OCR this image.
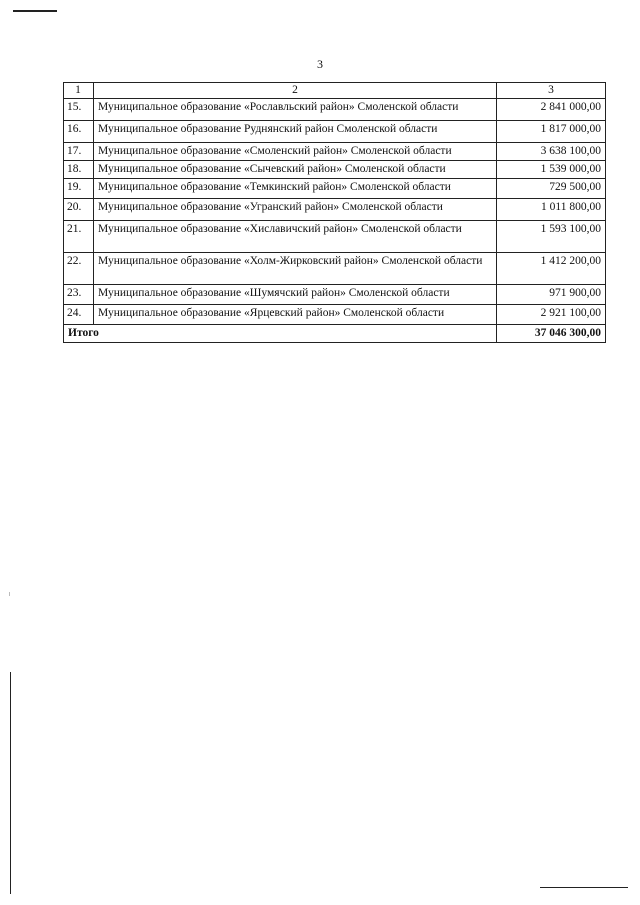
3
1	2	3
15.	Муниципальное образование «Рославльский район» Смоленской области	2 841 000,00
16.	Муниципальное образование Руднянский район Смоленской области	1 817 000,00
17.	Муниципальное образование «Смоленский район» Смоленской области	3 638 100,00
18.	Муниципальное образование «Сычевский район» Смоленской области	1 539 000,00
19.	Муниципальное образование «Темкинский район» Смоленской области	729 500,00
20.	Муниципальное образование «Угранский район» Смоленской области	1 011 800,00
21.	Муниципальное образование «Хиславичский район» Смоленской области	1 593 100,00
22.	Муниципальное образование «Холм-Жирковский район» Смоленской области	1 412 200,00
23.	Муниципальное образование «Шумячский район» Смоленской области	971 900,00
24.	Муниципальное образование «Ярцевский район» Смоленской области	2 921 100,00
Итого		37 046 300,00
